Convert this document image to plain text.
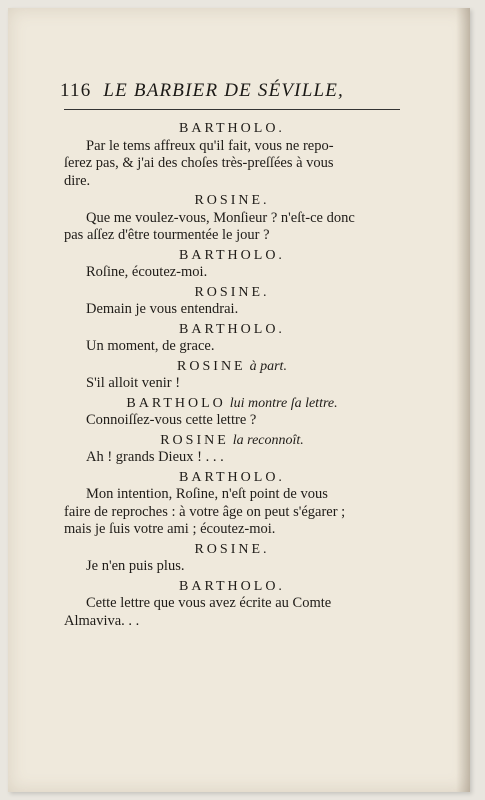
116 LE BARBIER DE SÉVILLE,
BARTHOLO.
Par le tems affreux qu'il fait, vous ne repo-
ſerez pas, & j'ai des choſes très-preſſées à vous
dire.
ROSINE.
Que me voulez-vous, Monſieur ? n'eſt-ce donc
pas aſſez d'être tourmentée le jour ?
BARTHOLO.
Roſine, écoutez-moi.
ROSINE.
Demain je vous entendrai.
BARTHOLO.
Un moment, de grace.
ROSINE à part.
S'il alloit venir !
BARTHOLO lui montre ſa lettre.
Connoiſſez-vous cette lettre ?
ROSINE la reconnoît.
Ah ! grands Dieux ! . . .
BARTHOLO.
Mon intention, Roſine, n'eſt point de vous
faire de reproches : à votre âge on peut s'égarer ;
mais je ſuis votre ami ; écoutez-moi.
ROSINE.
Je n'en puis plus.
BARTHOLO.
Cette lettre que vous avez écrite au Comte
Almaviva. . .
